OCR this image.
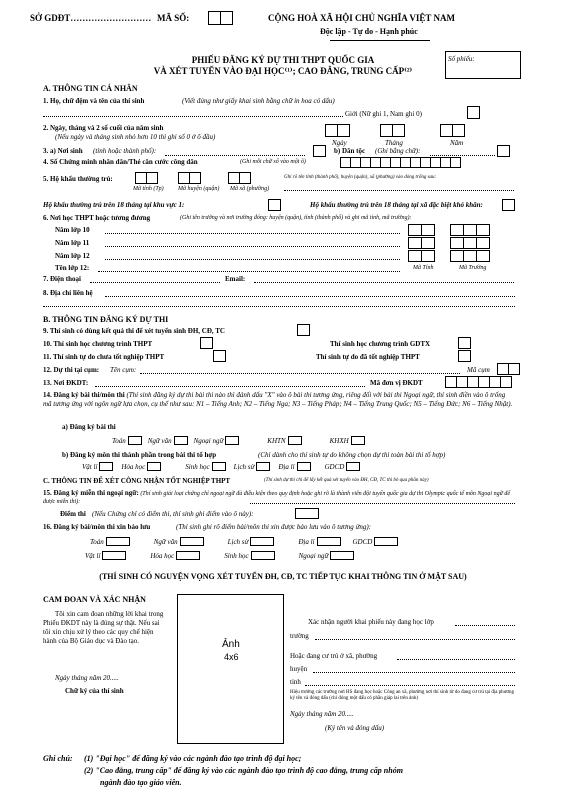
SỞ GDĐT……………………… MÃ SỐ:	CỘNG HOÀ XÃ HỘI CHỦ NGHĨA VIỆT NAM
Độc lập - Tự do - Hạnh phúc
PHIẾU ĐĂNG KÝ DỰ THI THPT QUỐC GIA
VÀ XÉT TUYỂN VÀO ĐẠI HỌC⁽¹⁾; CAO ĐẲNG, TRUNG CẤP⁽²⁾
Số phiếu:
A. THÔNG TIN CÁ NHÂN
1. Họ, chữ đệm và tên của thí sinh	(Viết đúng như giấy khai sinh bằng chữ in hoa có dấu)
Giới (Nữ ghi 1, Nam ghi 0)
2. Ngày, tháng và 2 số cuối của năm sinh
(Nếu ngày và tháng sinh nhỏ hơn 10 thì ghi số 0 ở ô đầu)
Ngày	Tháng	Năm
3. a) Nơi sinh (tỉnh hoặc thành phố):	b) Dân tộc (Ghi bằng chữ):
4. Số Chứng minh nhân dân/Thẻ căn cước công dân	(Ghi mỗi chữ số vào một ô)
5. Hộ khẩu thường trú:	Ghi rõ tên tỉnh (thành phố), huyện (quận), xã (phường) vào dòng trống sau:
Mã tỉnh (Tp) Mã huyện (quận) Mã xã (phường)
Hộ khẩu thường trú trên 18 tháng tại khu vực 1:	Hộ khẩu thường trú trên 18 tháng tại xã đặc biệt khó khăn:
6. Nơi học THPT hoặc tương đương	(Ghi tên trường và nơi trường đóng: huyện (quận), tỉnh (thành phố) và ghi mã tỉnh, mã trường):
Năm lớp 10
Năm lớp 11
Năm lớp 12
Tên lớp 12:	Mã Tỉnh	Mã Trường
7. Điện thoại	Email:
8. Địa chỉ liên hệ
B. THÔNG TIN ĐĂNG KÝ DỰ THI
9. Thí sinh có dùng kết quả thi để xét tuyển sinh ĐH, CĐ, TC
10. Thí sinh học chương trình THPT	Thí sinh học chương trình GDTX
11. Thí sinh tự do chưa tốt nghiệp THPT	Thí sinh tự do đã tốt nghiệp THPT
12. Dự thi tại cụm: Tên cụm:	Mã cụm
13. Nơi ĐKDT:	Mã đơn vị ĐKDT
14. Đăng ký bài thi/môn thi (Thí sinh đăng ký dự thi bài thi nào thì đánh dấu "X" vào ô bài thi tương ứng, riêng đối với bài thi Ngoại ngữ, thí sinh điền vào ô trống mã tương ứng với ngôn ngữ lựa chọn, cụ thể như sau: N1 – Tiếng Anh; N2 – Tiếng Nga; N3 – Tiếng Pháp; N4 – Tiếng Trung Quốc; N5 – Tiếng Đức; N6 – Tiếng Nhật).
a) Đăng ký bài thi
Toán	Ngữ văn	Ngoại ngữ	KHTN	KHXH
b) Đăng ký môn thi thành phần trong bài thi tổ hợp	(Chỉ dành cho thí sinh tự do không chọn dự thi toàn bài thi tổ hợp)
Vật lí	Hóa học	Sinh học	Lịch sử	Địa lí	GDCD
C. THÔNG TIN ĐỂ XÉT CÔNG NHẬN TỐT NGHIỆP THPT	(Thí sinh dự thi chỉ để lấy kết quả xét tuyển vào ĐH, CĐ, TC thì bỏ qua phần này)
15. Đăng ký miễn thi ngoại ngữ: (Thí sinh giải loại chứng chỉ ngoại ngữ đủ điều kiện theo quy định hoặc ghi rõ là thành viên đội tuyển quốc gia dự thi Olympic quốc tế môn Ngoại ngữ để được miễn thi):
Điểm thi (Nếu Chứng chỉ có điểm thi, thí sinh ghi điểm vào ô này):
16. Đăng ký bài/môn thi xin bảo lưu	(Thí sinh ghi rõ điểm bài/môn thi xin được bảo lưu vào ô tương ứng):
Toán	Ngữ văn	Lịch sử	Địa lí	GDCD
Vật lí	Hóa học	Sinh học	Ngoại ngữ
(THÍ SINH CÓ NGUYỆN VỌNG XÉT TUYỂN ĐH, CĐ, TC TIẾP TỤC KHAI THÔNG TIN Ở MẶT SAU)
CAM ĐOAN VÀ XÁC NHẬN
Tôi xin cam đoan những lời khai trong Phiếu ĐKDT này là đúng sự thật. Nếu sai tôi xin chịu xử lý theo các quy chế hiện hành của Bộ Giáo dục và Đào tạo.
Ngày tháng năm 20.....
Chữ ký của thí sinh
Ảnh
4x6
Xác nhận người khai phiếu này đang học lớp
trường
Hoặc đang cư trú ở xã, phường
huyện
tỉnh
Hiệu trưởng các trường nơi HS đang học hoặc Công an xã, phường nơi thí sinh từ do đang cư trú tại địa phương ký tên và đóng dấu (chỉ đóng một dấu có phần giáp lai trên ảnh)
Ngày tháng năm 20.....
(Ký tên và đóng dấu)
Ghi chú: (1) "Đại học" để đăng ký vào các ngành đào tạo trình độ đại học;
(2) "Cao đẳng, trung cấp" để đăng ký vào các ngành đào tạo trình độ cao đẳng, trung cấp nhóm
ngành đào tạo giáo viên.
